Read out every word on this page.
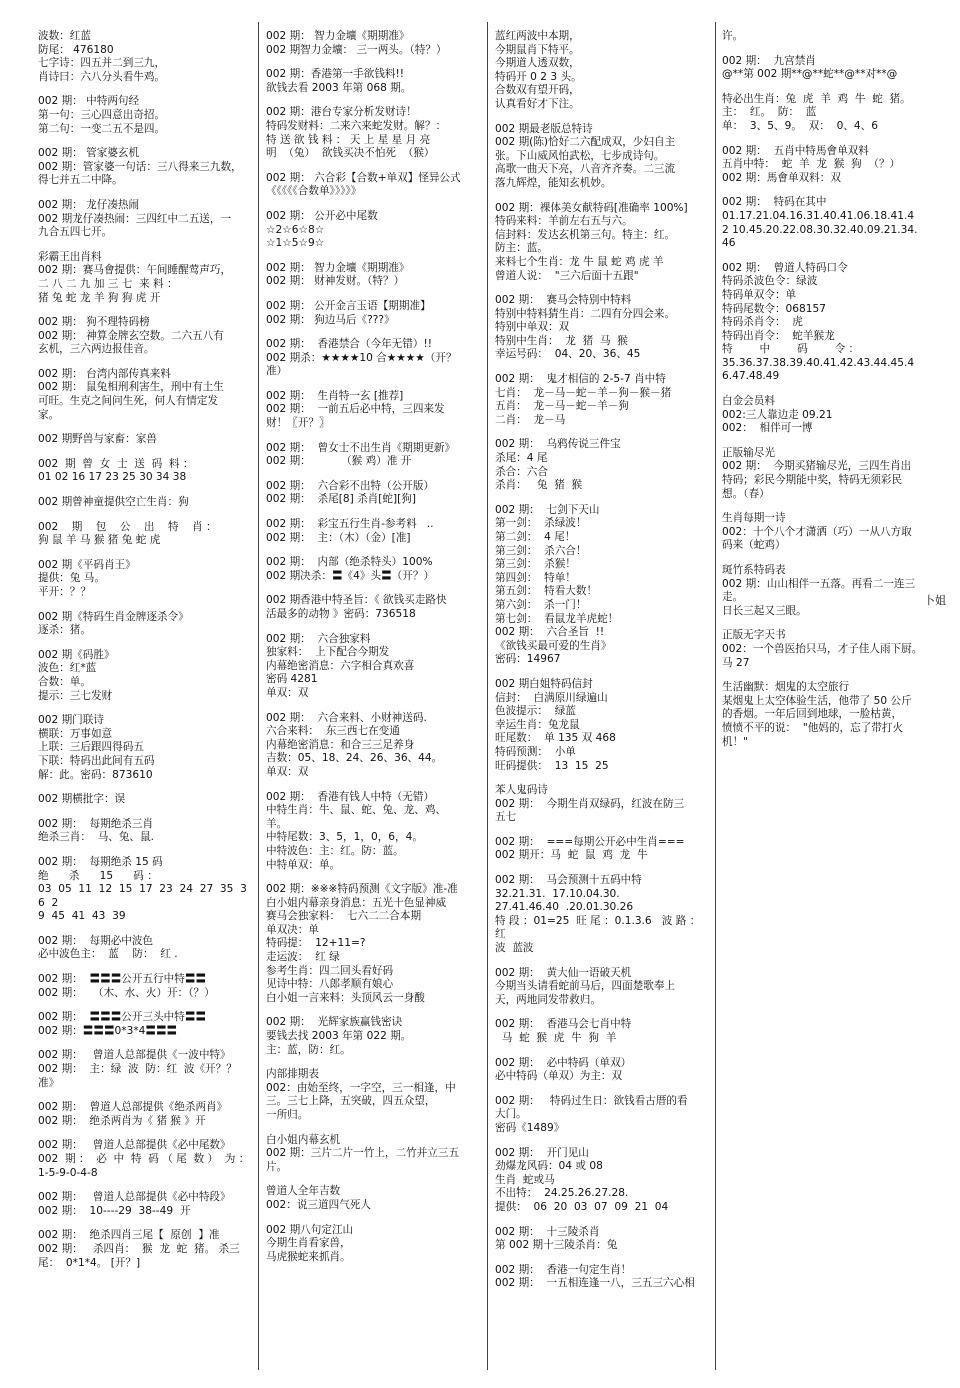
波数：红蓝
防尾： 476180
七字诗：四五并二到三九，
肖诗曰：六八分头看牛鸡。
002 期： 中特两句经
第一句：三心四意出奇招。
第二句：一变二五不是四。
002 期： 管家婆玄机
002 期：管家婆一句话：三八得来三九数，
得七并五二中降。
002 期： 龙仔凑热闹
002 期龙仔凑热闹：三四红中二五送，一
九合五四七开。
彩霸王出肖料
002 期：赛马會提供：午间睡醒莺声巧，
二 八 二 九 加 三 七  来 料 ：
猪 兔 蛇 龙 羊 狗 狗 虎 开
002 期： 狗不理特码榜
002 期： 神算金牌玄空数。二六五八有
玄机，三六两边报佳音。
002 期： 台湾内部传真来料
002 期： 鼠兔相刑利害生，刑中有土生
可旺。生克之间问生死，何人有情定发
家。
002 期野兽与家畜：家兽
002  期  曾  女  士  送  码  料 ：
01 02 16 17 23 25 30 34 38
002 期曾神童提供空亡生肖：狗
002    期    包    公    出    特    肖 ：
狗 鼠 羊 马 猴 猪 兔 蛇 虎
002 期《平码肖王》
提供：兔 马。
平开：？？
002 期《特码生肖金牌逐杀令》
逐杀：猪。
002 期《码胜》
波色：红*蓝
合数：单。
提示：三七发财
002 期门联诗
横联：万事如意
上联：三后跟四得码五
下联：特码出此间有五码
解：此。密码：873610
002 期横批字：误
002 期：  每期绝杀三肖
绝杀三肖：  马、兔、鼠.
002 期：  每期绝杀 15 码
绝      杀      15      码 ：
03  05  11  12  15  17  23  24  27  35  36  2
9  45  41  43  39
002 期：  每期必中波色
必中波色主：  蓝    防：  红 .
002 期：  〓〓〓公开五行中特〓〓
002 期：   （木、水、火）开：（？）
002 期：  〓〓〓公开三头中特〓〓
002 期：〓〓〓0*3*4〓〓〓
002 期：   曾道人总部提供《一波中特》
002 期：  主：绿  波  防：红  波《开？？
准》
002 期：  曾道人总部提供《绝杀两肖》
002 期：  绝杀两肖为《 猪 猴 》开
002 期：   曾道人总部提供《必中尾数》
002  期 ：  必  中  特  码 （ 尾  数 ）  为 ：
1-5-9-0-4-8
002 期：   曾道人总部提供《必中特段》
002 期：  10----29  38--49  开
002 期：  绝杀四肖三尾【  原创  】准
002 期：   杀四肖：  猴  龙  蛇  猪。 杀三
尾：  0*1*4。 [开？]
002 期： 智力金壙《期期准》
002 期智力金壙： 三一两头。（特？）
002 期：香港第一手欲钱料!!
欲钱去看 2003 年第 068 期。
002 期：港台专家分析发财诗！
特码发财料：二来六来蛇发财。解？：
特 送 欲 钱 料 ： 天 上 星 星 月 亮
明  （兔）  欲钱买决不怕死  （猴）
002 期： 六合彩【合数+单双】怪异公式
《《《《《合数单》》》》》
002 期： 公开必中尾数
☆2☆6☆8☆
☆1☆5☆9☆
002 期： 智力金壙《期期准》
002 期： 财神发财。（特？）
002 期： 公开金言玉语【期期准】
002 期： 狗边马后《???》
002 期：  香港禁合（今年无错）!!
002 期杀：★★★★10 合★★★★（开？
准）
002 期：  生肖特一玄 [推荐]
002 期：  一前五后必中特，三四来发
财！〖开？〗
002 期：  曾女士不出生肖《期期更新》
002 期：         （猴 鸡）准 开
002 期：  六合彩不出特（公开版）
002 期：  杀尾[8] 杀肖[蛇][狗]
002 期：  彩宝五行生肖-参考料   ..
002 期：  主：（木）（金）[准]
002 期：  内部（绝杀特头）100%
002 期决杀：〓《4》头〓（开？）
002 期香港中特圣旨：《 欲钱买走路快
活最多的动物 》密码：736518
002 期：  六合独家料
独家料：  上下配合今期发
内幕绝密消息：六字相合真欢喜
密码 4281
单双：双
002 期：  六合来料、小财神送码.
六合来料：  东三西七在变通
内幕绝密消息：和合三三足养身
吉数：05、18、24、26、36、44。
单双：双
002 期：  香港有钱人中特（无错）
中特生肖：牛、鼠、蛇、兔、龙、鸡、
羊。
中特尾数：3、5，1，0，6，4。
中特波色：主：红。防：蓝。
中特单双：单。
002 期：※※※特码预测《文字版》准-准
白小姐内幕亲身消息：五光十色显神威
赛马会独家料：  七六二二合本期
单双决：单
特码提：  12+11=?
走运波：  红 绿
参考生肖：四二回头看好码
见诗中特：八郎孝顺有娘心
白小姐一言来料：头顶风云一身酸
002 期：  光辉家族赢钱密诀
要钱去找 2003 年第 022 期。
主：蓝，防：红。
内部排期表
002：由始至终，一字空，三一相逢，中
三。三七上降，五突破，四五众望，
一所归。
白小姐内幕玄机
002 期：三片二片一竹上，二竹并立三五片。
曾道人全年吉数
002：说三道四气死人
002 期八句定江山
今期生肖看家兽，
马虎猴蛇来抓肖。
蓝红两波中本期，
今期鼠肖下特平。
今期道人透双数，
特码开 0 2 3 头。
合数双有望开码，
认真看好才下注。
002 期最老版总特诗
002 期(陈)恰好二六配成双，少妇自主
张。下山威风怕武松，七步成诗句。
高歌一曲天下亮，八音齐齐奏。二三流
落九辉煌，能知玄机妙。
002 期：裸体美女献特码[准确率 100%]
特码来料：羊前左右五与六。
信封料：发达玄机第三句。特主：红。
防主：蓝。
来料七个生肖：龙 牛 鼠 蛇 鸡 虎 羊
曾道人说：  "三六后面十五跟"
002 期：  赛马会特别中特料
特别中特料猜生肖：二四有分四会来。
特别中单双：双
特别中生肖：  龙  猪  马  猴
幸运号码：  04、20、36、45
002 期：  鬼才相信的 2-5-7 肖中特
七肖：  龙－马－蛇－羊－狗－猴－猪
五肖：  龙－马－蛇－羊－狗
二肖：  龙－马
002 期：  乌鸦传说三件宝
杀尾：4 尾
杀合：六合
杀肖：   兔  猪  猴
002 期：  七剑下天山
第一剑：  杀绿波！
第二剑：  4 尾！
第三剑：  杀六合！
第三剑：  杀猴！
第四剑：  特单！
第五剑：  特看大数！
第六剑：  杀一门！
第七剑：  看鼠龙羊虎蛇！
002 期：  六合圣旨  !!
《欲钱买最可爱的生肖》
密码：14967
002 期白姐特码信封
信封：  白满原川绿遍山
色波提示：  绿蓝
幸运生肖：兔龙鼠
旺尾数：  单 135 双 468
特码预测：  小单
旺码提供：  13  15  25
苯人鬼码诗
002 期：  今期生肖双绿码，红波在防三
五七
002 期：  ===每期公开必中生肖===
002 期开：马  蛇  鼠  鸡  龙  牛
002 期：  马会预测十五码中特
32.21.31.  17.10.04.30.
27.41.46.40  .20.01.30.26
特 段 ：01=25  旺 尾 ：0.1.3.6   波 路 ： 红
波  蓝波
002 期：  黄大仙一语破天机
今期当头请看蛇前马后，四面楚歌奉上
天，两地同发带救归。
002 期：  香港马会七肖中特
马  蛇  猴  虎  牛  狗  羊
002 期：  必中特码（单双）
必中特码（单双）为主：双
002 期：   特码过生日：欲钱看古厝的看
大门。
密码《1489》
002 期：  开门见山
劲爆龙风码：04 或 08
生肖  蛇或马
不出特：  24.25.26.27.28.
提供：  06  20  03  07  09  21  04
002 期：  十三陵杀肖
第 002 期十三陵杀肖：兔
002 期：  香港一句定生肖！
002 期：  一五相连逢一八，三五三六心相
许。
002 期：  九宫禁肖
@**第 002 期**@**蛇**@**对**@
特必出生肖：兔  虎  羊  鸡  牛  蛇  猪。
主：  红。  防：  蓝
单：  3、5、9。  双：  0、4、6
002 期：  五肖中特馬會单双料
五肖中特：  蛇  羊  龙  猴  狗  （？）
002 期：馬會单双料：双
002 期：  特码在其中
01.17.21.04.16.31.40.41.06.18.41.4
2 10.45.20.22.08.30.32.40.09.21.34.
46
002 期：  曾道人特码口令
特码杀波色令：绿波
特码单双令：单
特码尾数令：068157
特码杀肖令：  虎
特码出肖令：  蛇羊猴龙
特        中        码        令 ：
35.36.37.38.39.40.41.42.43.44.45.4
6.47.48.49
白金会员料
002:三人靠边走 09.21
002：  相伴可一博
正版输尽光
002 期：  今期买猪输尽光，三四生肖出
特码；彩民今期能中奖，特码无须彩民
想。（春）
生肖每期一诗
002：十个八个才潇洒（巧）一从八方取
码来（蛇鸡）
斑竹系特码表
002 期：山山相伴一五落。再看二一连三走。
日长三起又三眼。
正版无字天书
002：一个兽医抬只马，才子佳人雨下厨。
马 27
生活幽默：烟鬼的太空旅行
某烟鬼上太空体验生活，他带了 50 公斤
的香烟。一年后回到地球，一脸枯黄，
愤愤不平的说：  "他妈的，忘了带打火
机！"
卜姐
